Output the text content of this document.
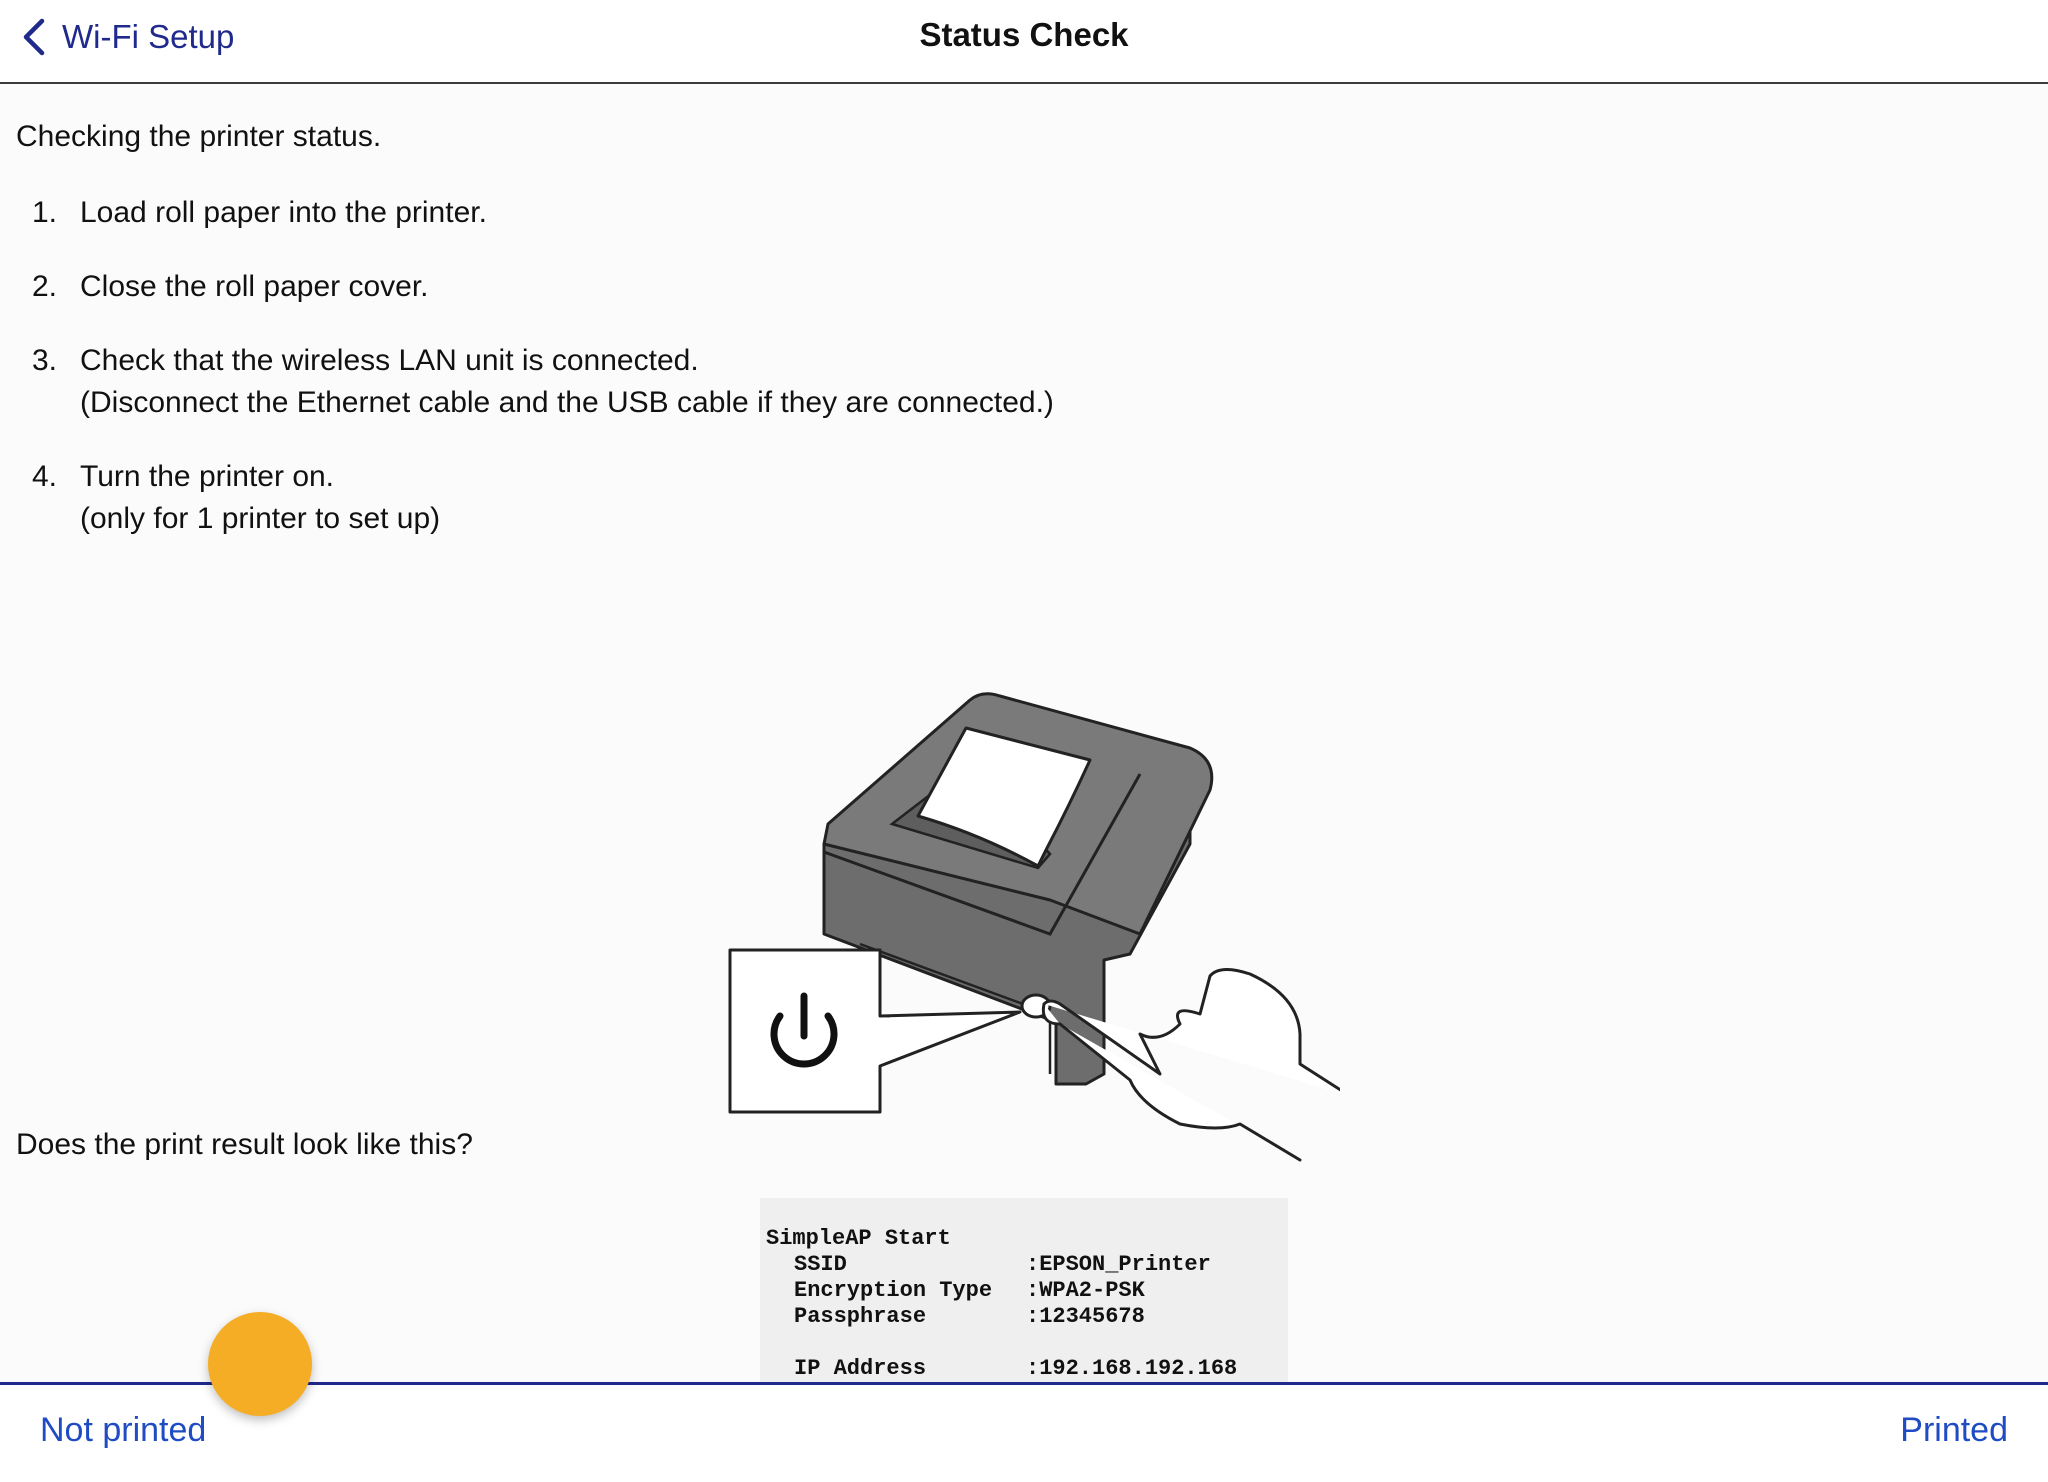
Wi-Fi Setup	Status Check
Checking the printer status.
1. Load roll paper into the printer.
2. Close the roll paper cover.
3. Check that the wireless LAN unit is connected.
(Disconnect the Ethernet cable and the USB cable if they are connected.)
4. Turn the printer on.
(only for 1 printer to set up)
Does the print result look like this?
SimpleAP Start
SSID	:EPSON_Printer
Encryption Type	:WPA2-PSK
Passphrase	:12345678
IP Address	:192.168.192.168
Not printed	Printed
